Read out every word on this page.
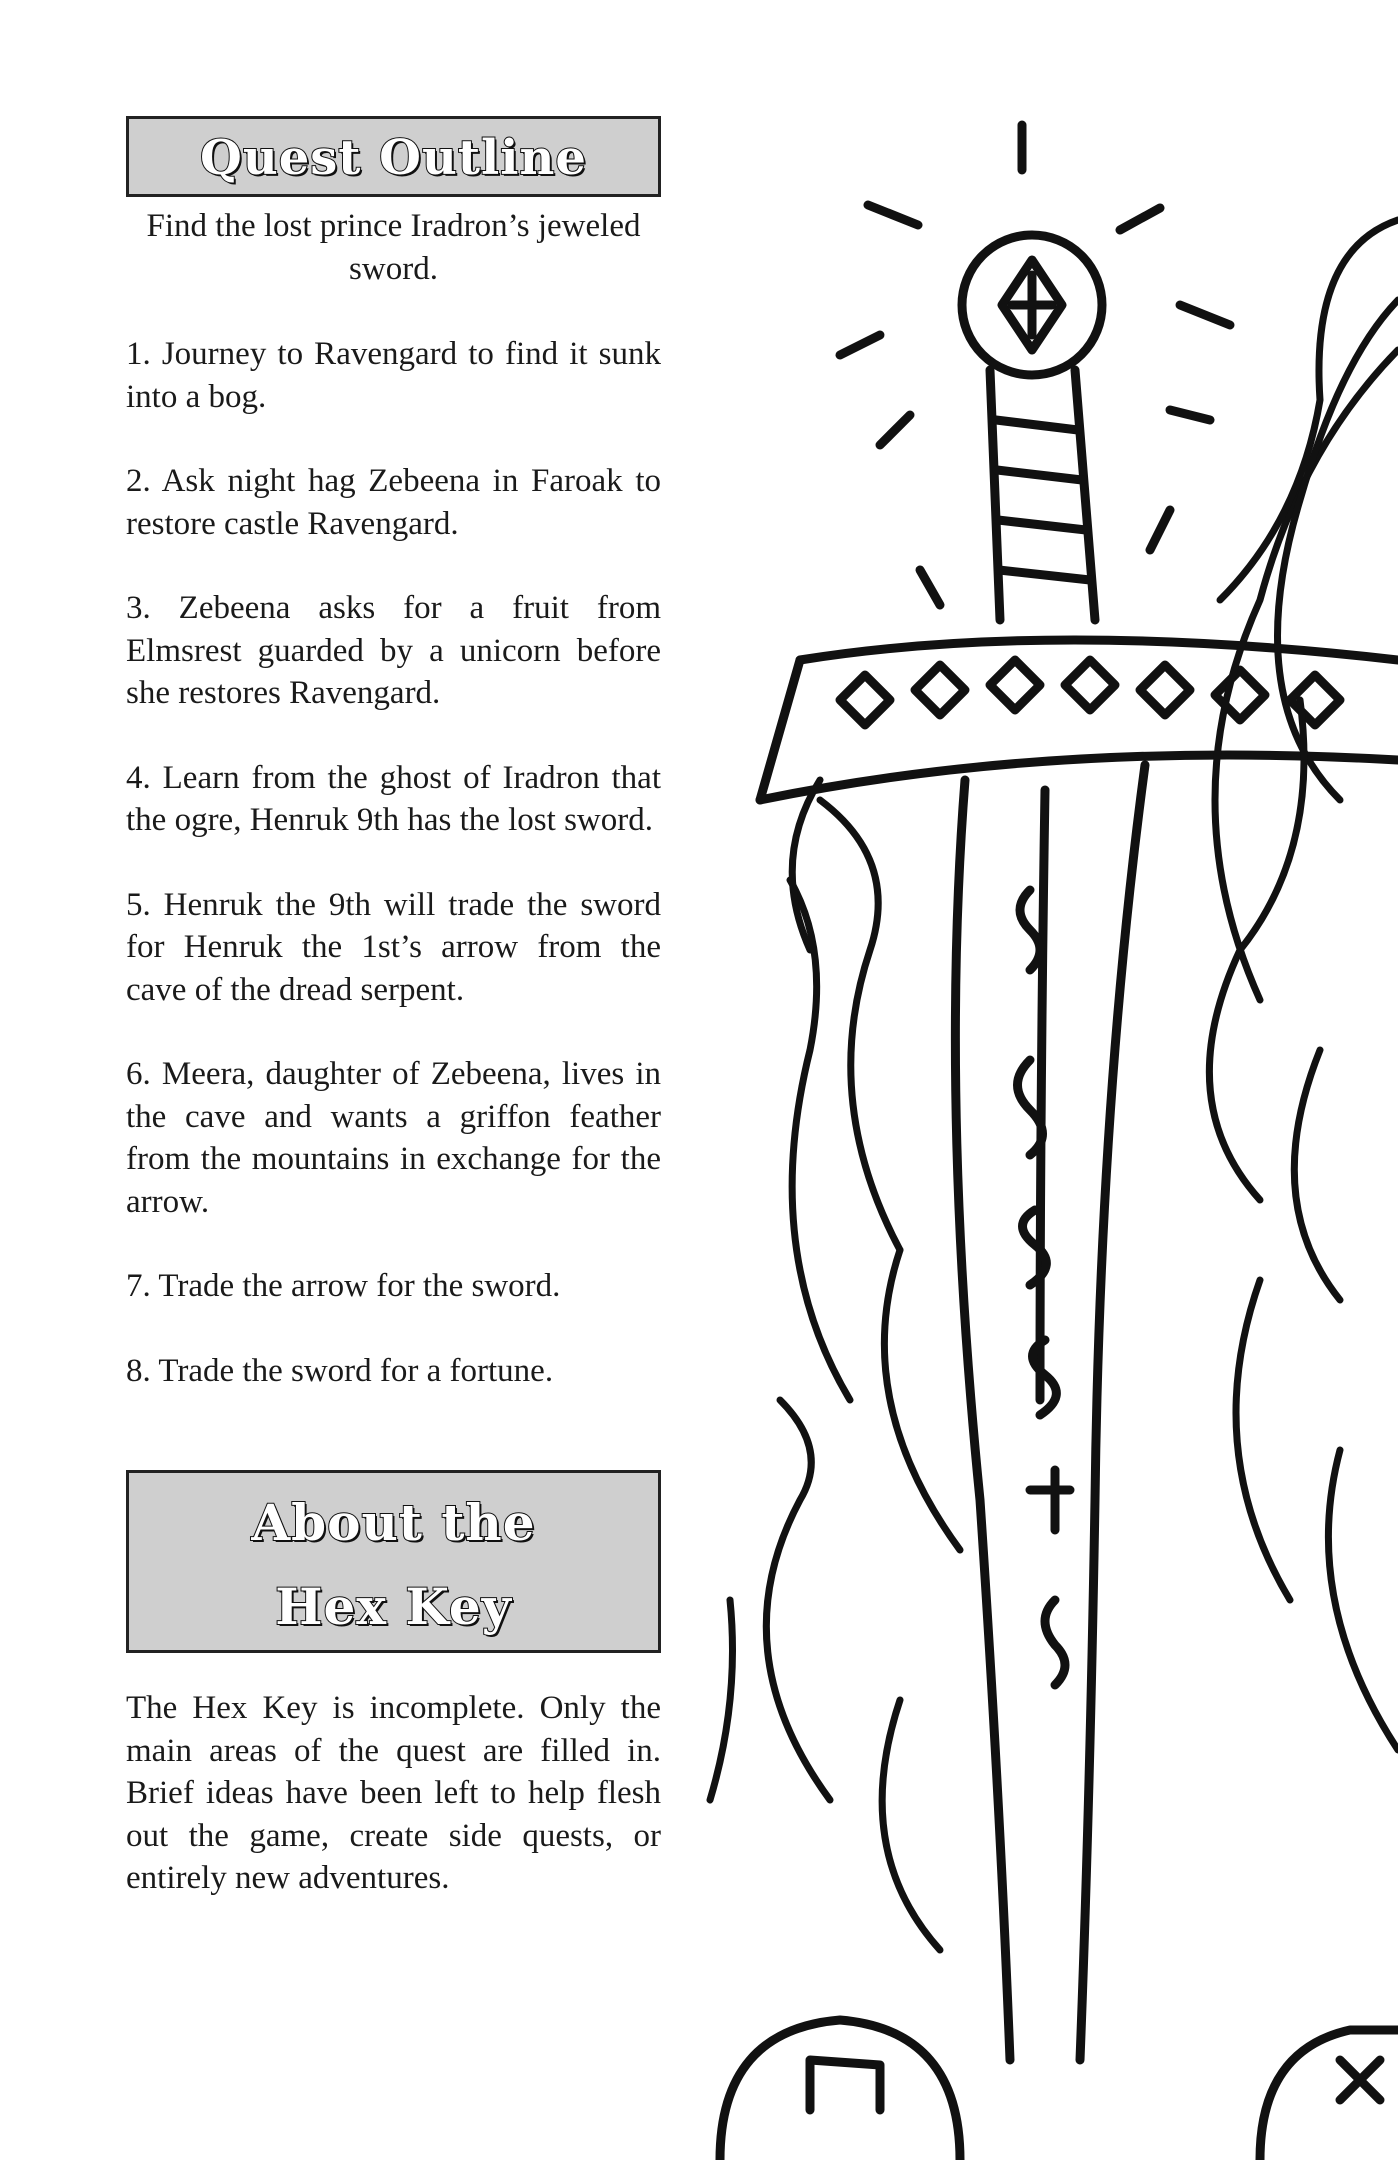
Quest Outline

Find the lost prince Iradron’s jeweled sword.

1. Journey to Ravengard to find it sunk into a bog.

2. Ask night hag Zebeena in Faroak to restore castle Ravengard.

3. Zebeena asks for a fruit from Elmsrest guarded by a unicorn before she restores Ravengard.

4. Learn from the ghost of Iradron that the ogre, Henruk 9th has the lost sword.

5. Henruk the 9th will trade the sword for Henruk the 1st’s arrow from the cave of the dread serpent.

6. Meera, daughter of Zebeena, lives in the cave and wants a griffon feather from the mountains in exchange for the arrow.

7. Trade the arrow for the sword.

8. Trade the sword for a fortune.

About the
Hex Key

The Hex Key is incomplete. Only the main areas of the quest are filled in. Brief ideas have been left to help flesh out the game, create side quests, or entirely new adventures.
